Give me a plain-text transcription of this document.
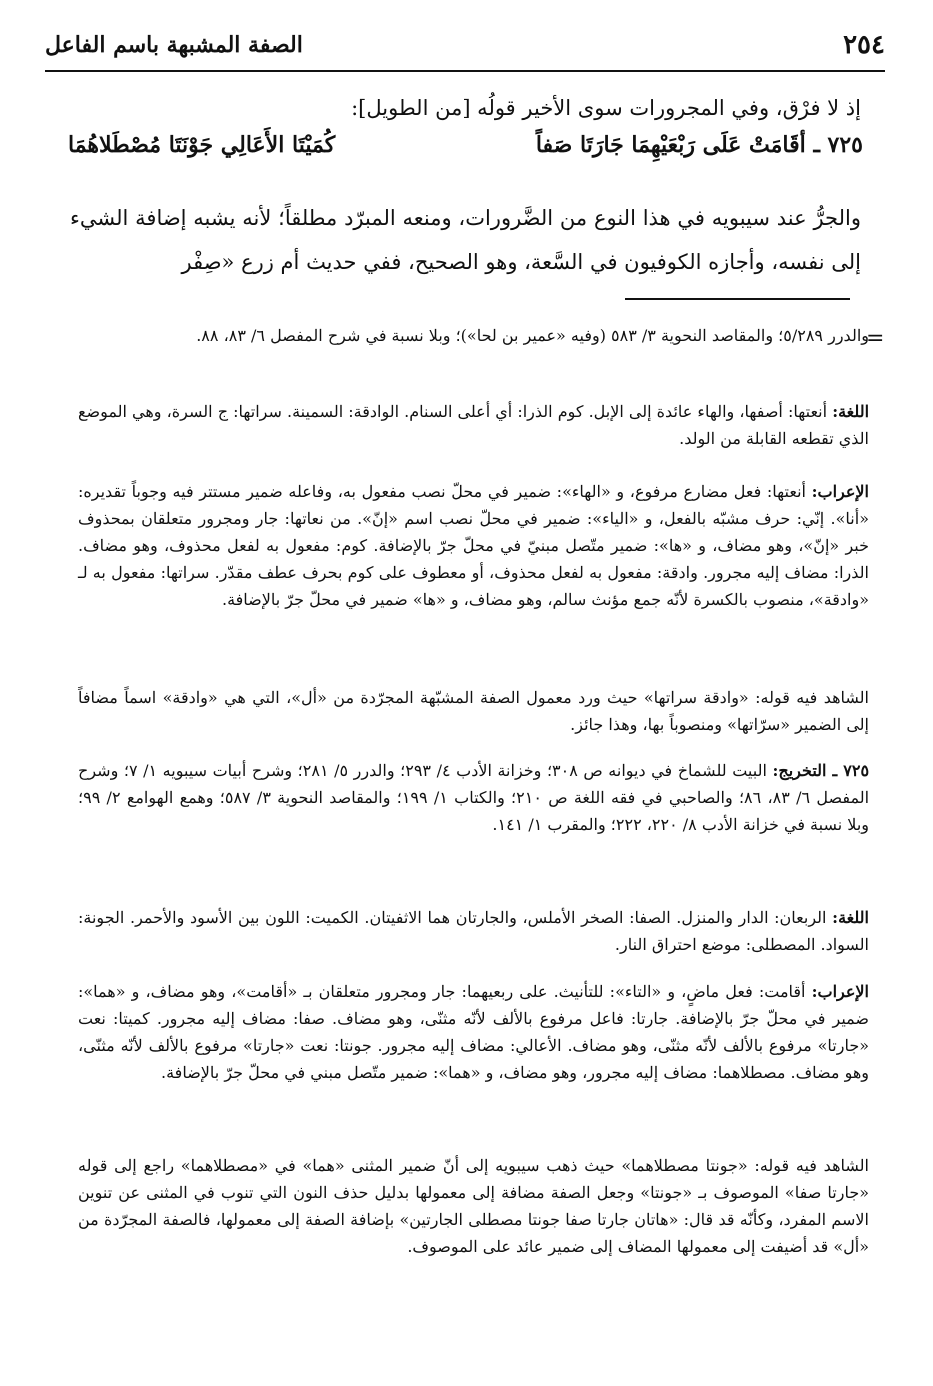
٢٥٤
الصفة المشبهة باسم الفاعل
إذ لا فرْق، وفي المجرورات سوى الأخير قولُه [من الطويل]:
٧٢٥ ـ أقَامَتْ عَلَى رَبْعَيْهِمَا جَارَتَا صَفاً
كُمَيْتَا الأَعَالِي جَوْنَتَا مُصْطَلاهُمَا
والجرُّ عند سيبويه في هذا النوع من الضَّرورات، ومنعه المبرّد مطلقاً؛ لأنه يشبه إضافة الشيء إلى نفسه، وأجازه الكوفيون في السَّعة، وهو الصحيح، ففي حديث أم زرع «صِفْر
=
والدرر ٥/٢٨٩؛ والمقاصد النحوية ٣/ ٥٨٣ (وفيه «عمير بن لحا»)؛ وبلا نسبة في شرح المفصل ٦/ ٨٣، ٨٨.
اللغة: أنعتها: أصفها، والهاء عائدة إلى الإبل. كوم الذرا: أي أعلى السنام. الوادقة: السمينة. سراتها: ج السرة، وهي الموضع الذي تقطعه القابلة من الولد.
الإعراب: أنعتها: فعل مضارع مرفوع، و «الهاء»: ضمير في محلّ نصب مفعول به، وفاعله ضمير مستتر فيه وجوباً تقديره: «أنا». إنّي: حرف مشبّه بالفعل، و «الياء»: ضمير في محلّ نصب اسم «إنّ». من نعاتها: جار ومجرور متعلقان بمحذوف خبر «إنّ»، وهو مضاف، و «ها»: ضمير متّصل مبنيّ في محلّ جرّ بالإضافة. كوم: مفعول به لفعل محذوف، وهو مضاف. الذرا: مضاف إليه مجرور. وادقة: مفعول به لفعل محذوف، أو معطوف على كوم بحرف عطف مقدّر. سراتها: مفعول به لـ «وادقة»، منصوب بالكسرة لأنّه جمع مؤنث سالم، وهو مضاف، و «ها» ضمير في محلّ جرّ بالإضافة.
الشاهد فيه قوله: «وادقة سراتها» حيث ورد معمول الصفة المشبّهة المجرّدة من «أل»، التي هي «وادقة» اسماً مضافاً إلى الضمير «سرّاتها» ومنصوباً بها، وهذا جائز.
٧٢٥ ـ التخريج: البيت للشماخ في ديوانه ص ٣٠٨؛ وخزانة الأدب ٤/ ٢٩٣؛ والدرر ٥/ ٢٨١؛ وشرح أبيات سيبويه ١/ ٧؛ وشرح المفصل ٦/ ٨٣، ٨٦؛ والصاحبي في فقه اللغة ص ٢١٠؛ والكتاب ١/ ١٩٩؛ والمقاصد النحوية ٣/ ٥٨٧؛ وهمع الهوامع ٢/ ٩٩؛ وبلا نسبة في خزانة الأدب ٨/ ٢٢٠، ٢٢٢؛ والمقرب ١/ ١٤١.
اللغة: الربعان: الدار والمنزل. الصفا: الصخر الأملس، والجارتان هما الاثفيتان. الكميت: اللون بين الأسود والأحمر. الجونة: السواد. المصطلى: موضع احتراق النار.
الإعراب: أقامت: فعل ماضٍ، و «التاء»: للتأنيث. على ربعيهما: جار ومجرور متعلقان بـ «أقامت»، وهو مضاف، و «هما»: ضمير في محلّ جرّ بالإضافة. جارتا: فاعل مرفوع بالألف لأنّه مثنّى، وهو مضاف. صفا: مضاف إليه مجرور. كميتا: نعت «جارتا» مرفوع بالألف لأنّه مثنّى، وهو مضاف. الأعالي: مضاف إليه مجرور. جونتا: نعت «جارتا» مرفوع بالألف لأنّه مثنّى، وهو مضاف. مصطلاهما: مضاف إليه مجرور، وهو مضاف، و «هما»: ضمير متّصل مبني في محلّ جرّ بالإضافة.
الشاهد فيه قوله: «جونتا مصطلاهما» حيث ذهب سيبويه إلى أنّ ضمير المثنى «هما» في «مصطلاهما» راجع إلى قوله «جارتا صفا» الموصوف بـ «جونتا» وجعل الصفة مضافة إلى معمولها بدليل حذف النون التي تنوب في المثنى عن تنوين الاسم المفرد، وكأنّه قد قال: «هاتان جارتا صفا جونتا مصطلى الجارتين» بإضافة الصفة إلى معمولها، فالصفة المجرّدة من «أل» قد أضيفت إلى معمولها المضاف إلى ضمير عائد على الموصوف.
